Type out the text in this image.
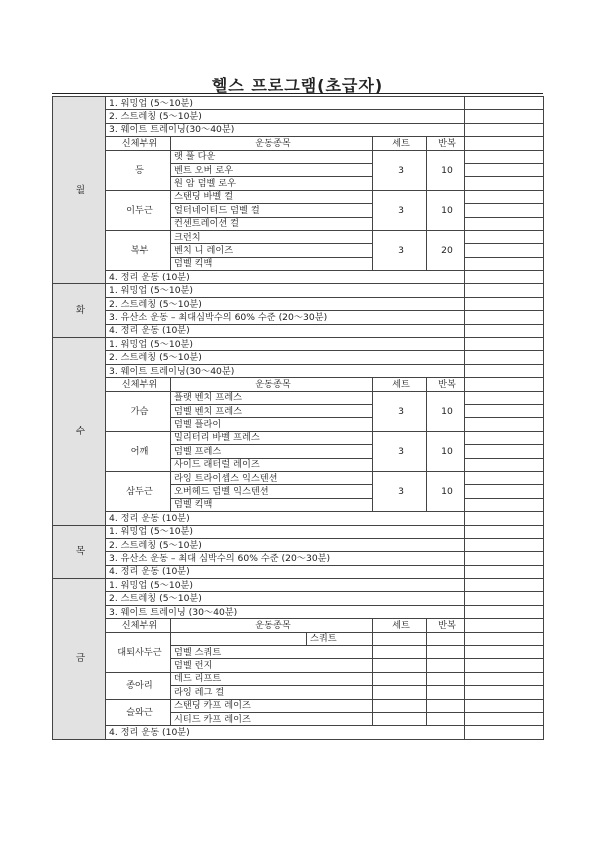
헬스 프로그램(초급자)
월	1. 워밍업 (5～10분)					
	2. 스트레칭 (5～10분)					
	3. 웨이트 트레이닝(30～40분)					
	신체부위	운동종목		세트	반복	
	등	랫 풀 다운		3	10	
		벤트 오버 로우				
		원 암 덤벨 로우				
	이두근	스탠딩 바벨 컬		3	10	
		얼터네이티드 덤벨 컬				
		컨센트레이션 컬				
	복부	크런치		3	20	
		벤치 니 레이즈				
		덤벨 킥백				
	4. 정리 운동 (10분)					
화	1. 워밍업 (5～10분)					
	2. 스트레칭 (5～10분)					
	3. 유산소 운동 – 최대심박수의 60% 수준 (20～30분)					
	4. 정리 운동 (10분)					
수	1. 워밍업 (5～10분)					
	2. 스트레칭 (5～10분)					
	3. 웨이트 트레이닝(30～40분)					
	신체부위	운동종목		세트	반복	
	가슴	플랫 벤치 프레스		3	10	
		덤벨 벤치 프레스				
		덤벨 플라이				
	어깨	밀리터리 바벨 프레스		3	10	
		덤벨 프레스				
		사이드 래터럴 레이즈				
	삼두근	라잉 트라이셉스 익스텐션		3	10	
		오버헤드 덤벨 익스텐션				
		덤벨 킥백				
	4. 정리 운동 (10분)					
목	1. 워밍업 (5～10분)					
	2. 스트레칭 (5～10분)					
	3. 유산소 운동 – 최대 심박수의 60% 수준 (20～30분)					
	4. 정리 운동 (10분)					
금	1. 워밍업 (5～10분)					
	2. 스트레칭 (5～10분)					
	3. 웨이트 트레이닝 (30～40분)					
	신체부위	운동종목		세트	반복	
	대퇴사두근		스쿼트			
		덤벨 스쿼트				
		덤벨 런지				
	종아리	데드 리프트				
		라잉 레그 컬				
	슬와근	스탠딩 카프 레이즈				
		시티드 카프 레이즈				
	4. 정리 운동 (10분)					
